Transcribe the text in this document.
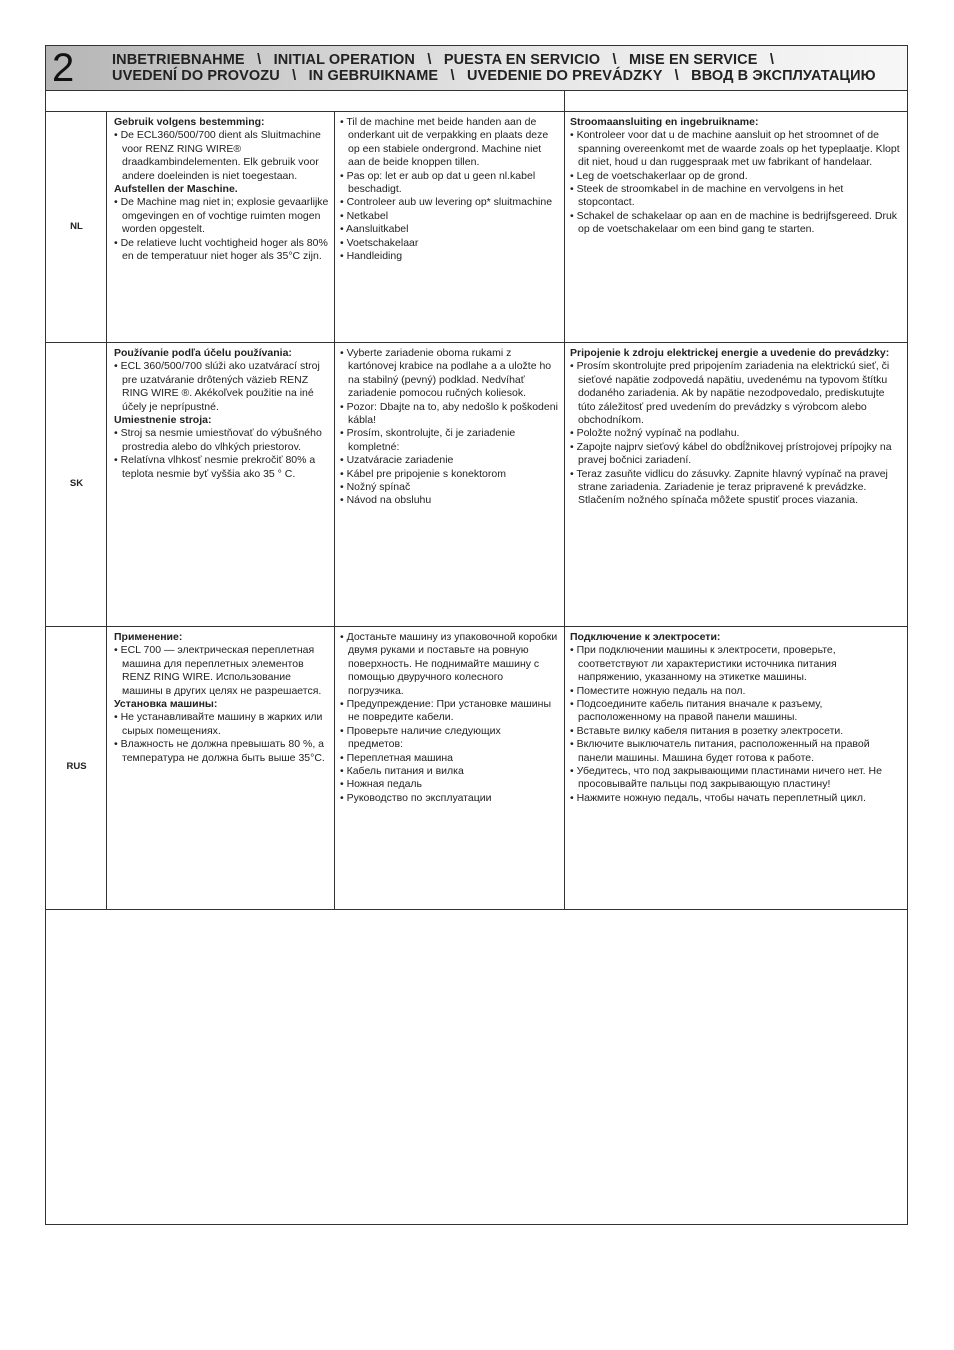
2	INBETRIEBNAHME   \   INITIAL OPERATION   \   PUESTA EN SERVICIO   \   MISE EN SERVICE   \
UVEDENÍ DO PROVOZU   \   IN GEBRUIKNAME   \   UVEDENIE DO PREVÁDZKY   \   ВВОД В ЭКСПЛУАТАЦИЮ
NL
Gebruik volgens bestemming:
• De ECL360/500/700 dient als Sluitmachine voor RENZ RING WIRE® draadkambindelementen. Elk gebruik voor andere doeleinden is niet toegestaan.
Aufstellen der Maschine.
• De Machine mag niet in; explosie gevaarlijke omgevingen en of vochtige ruimten mogen worden opgestelt.
• De relatieve lucht vochtigheid hoger als 80% en de temperatuur niet hoger als 35°C zijn.
• Til de machine met beide handen aan de onderkant uit de verpakking en plaats deze op een stabiele ondergrond. Machine niet aan de beide knoppen tillen.
• Pas op: let er aub op dat u geen nl.kabel beschadigt.
• Controleer aub uw levering op* sluitmachine
• Netkabel
• Aansluitkabel
• Voetschakelaar
• Handleiding
Stroomaansluiting en ingebruikname:
• Kontroleer voor dat u de machine aansluit op het stroomnet of de spanning overeenkomt met de waarde zoals op het typeplaatje. Klopt dit niet, houd u dan ruggespraak met uw fabrikant of handelaar.
• Leg de voetschakerlaar op de grond.
• Steek de stroomkabel in de machine en vervolgens in het stopcontact.
• Schakel de schakelaar op aan en de machine is bedrijfsgereed. Druk op de voetschakelaar om een bind gang te starten.
SK
Používanie podľa účelu používania:
• ECL 360/500/700 slúži ako uzatvárací stroj pre uzatváranie drôtených väzieb RENZ RING WIRE ®. Akékoľvek použitie na iné účely je neprípustné.
Umiestnenie stroja:
• Stroj sa nesmie umiestňovať do výbušného prostredia alebo do vlhkých priestorov.
• Relatívna vlhkosť nesmie prekročiť 80% a teplota nesmie byť vyššia ako 35 ° C.
• Vyberte zariadenie oboma rukami z kartónovej krabice na podlahe a a uložte ho na stabilný (pevný) podklad. Nedvíhať zariadenie pomocou ručných koliesok.
• Pozor: Dbajte na to, aby nedošlo k poškodeni kábla!
• Prosím, skontrolujte, či je zariadenie kompletné:
• Uzatváracie zariadenie
• Kábel pre pripojenie s konektorom
• Nožný spínač
• Návod na obsluhu
Pripojenie k zdroju elektrickej energie a uvedenie do prevádzky:
• Prosím skontrolujte pred pripojením zariadenia na elektrickú sieť, či sieťové napätie zodpovedá napätiu, uvedenému na typovom štítku dodaného zariadenia. Ak by napätie nezodpovedalo, prediskutujte túto záležitosť pred uvedením do prevádzky s výrobcom alebo obchodníkom.
• Položte nožný vypínač na podlahu.
• Zapojte najprv sieťový kábel do obdĺžnikovej prístrojovej prípojky na pravej bočnici zariadení.
• Teraz zasuňte vidlicu do zásuvky. Zapnite hlavný vypínač na pravej strane zariadenia. Zariadenie je teraz pripravené k prevádzke. Stlačením nožného spínača môžete spustiť proces viazania.
RUS
Применение:
• ECL 700 — электрическая переплетная машина для переплетных элементов RENZ RING WIRE. Использование машины в других целях не разрешается.
Установка машины:
• Не устанавливайте машину в жарких или сырых помещениях.
• Влажность не должна превышать 80 %, а температура не должна быть выше 35°С.
• Достаньте машину из упаковочной коробки двумя руками и поставьте на ровную поверхность. Не поднимайте машину с помощью двуручного колесного погрузчика.
• Предупреждение: При установке машины не повредите кабели.
• Проверьте наличие следующих предметов:
• Переплетная машина
• Кабель питания и вилка
• Ножная педаль
• Руководство по эксплуатации
Подключение к электросети:
• При подключении машины к электросети, проверьте, соответствуют ли характеристики источника питания напряжению, указанному на этикетке машины.
• Поместите ножную педаль на пол.
• Подсоедините кабель питания вначале к разъему, расположенному на правой панели машины.
• Вставьте вилку кабеля питания в розетку электросети.
• Включите выключатель питания, расположенный на правой панели машины. Машина будет готова к работе.
• Убедитесь, что под закрывающими пластинами ничего нет. Не просовывайте пальцы под закрывающую пластину!
• Нажмите ножную педаль, чтобы начать переплетный цикл.
